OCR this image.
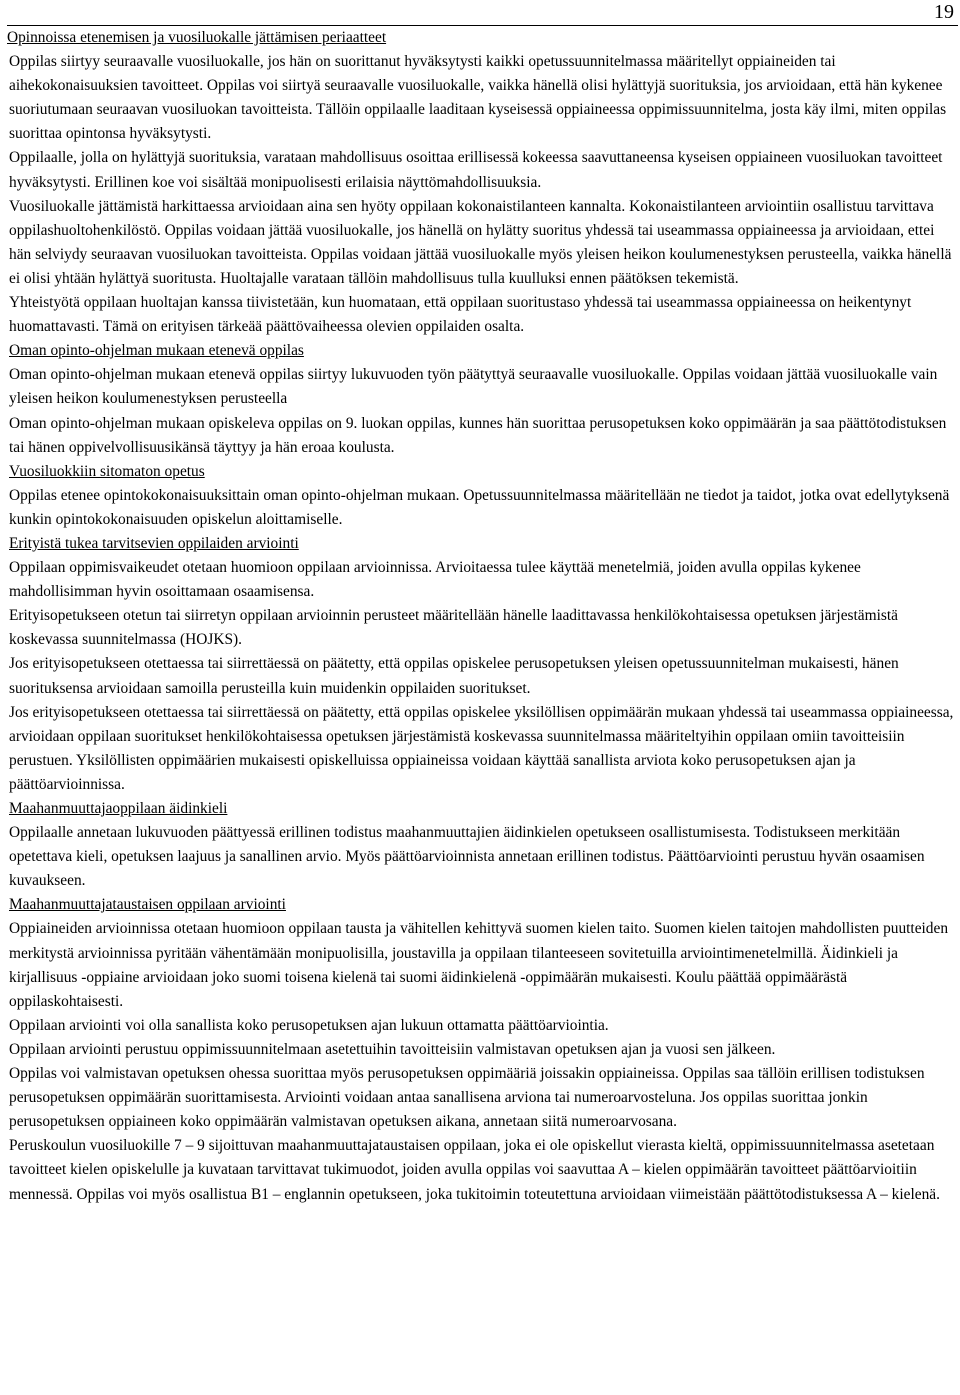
19

Opinnoissa etenemisen ja vuosiluokalle jättämisen periaatteet

Oppilas siirtyy seuraavalle vuosiluokalle, jos hän on suorittanut hyväksytysti kaikki opetussuunnitelmassa määritellyt oppiaineiden tai aihekokonaisuuksien tavoitteet. Oppilas voi siirtyä seuraavalle vuosiluokalle, vaikka hänellä olisi hylättyjä suorituksia, jos arvioidaan, että hän kykenee suoriutumaan seuraavan vuosiluokan tavoitteista. Tällöin oppilaalle laaditaan kyseisessä oppiaineessa oppimissuunnitelma, josta käy ilmi, miten oppilas suorittaa opintonsa hyväksytysti.

Oppilaalle, jolla on hylättyjä suorituksia, varataan mahdollisuus osoittaa erillisessä kokeessa saavuttaneensa kyseisen oppiaineen vuosiluokan tavoitteet hyväksytysti. Erillinen koe voi sisältää monipuolisesti erilaisia näyttömahdollisuuksia.

Vuosiluokalle jättämistä harkittaessa arvioidaan aina sen hyöty oppilaan kokonaistilanteen kannalta. Kokonaistilanteen arviointiin osallistuu tarvittava oppilashuoltohenkilöstö. Oppilas voidaan jättää vuosiluokalle, jos hänellä on hylätty suoritus yhdessä tai useammassa oppiaineessa ja arvioidaan, ettei hän selviydy seuraavan vuosiluokan tavoitteista. Oppilas voidaan jättää vuosiluokalle myös yleisen heikon koulumenestyksen perusteella, vaikka hänellä ei olisi yhtään hylättyä suoritusta. Huoltajalle varataan tällöin mahdollisuus tulla kuulluksi ennen päätöksen tekemistä.

Yhteistyötä oppilaan huoltajan kanssa tiivistetään, kun huomataan, että oppilaan suoritustaso yhdessä tai useammassa oppiaineessa on heikentynyt huomattavasti. Tämä on erityisen tärkeää päättövaiheessa olevien oppilaiden osalta.

Oman opinto-ohjelman mukaan etenevä oppilas

Oman opinto-ohjelman mukaan etenevä oppilas siirtyy lukuvuoden työn päätyttyä seuraavalle vuosiluokalle. Oppilas voidaan jättää vuosiluokalle vain yleisen heikon koulumenestyksen perusteella

Oman opinto-ohjelman mukaan opiskeleva oppilas on 9. luokan oppilas, kunnes hän suorittaa perusopetuksen koko oppimäärän ja saa päättötodistuksen tai hänen oppivelvollisuusikänsä täyttyy ja hän eroaa koulusta.

Vuosiluokkiin sitomaton opetus

Oppilas etenee opintokokonaisuuksittain oman opinto-ohjelman mukaan. Opetussuunnitelmassa määritellään ne tiedot ja taidot, jotka ovat edellytyksenä kunkin opintokokonaisuuden opiskelun aloittamiselle.

Erityistä tukea tarvitsevien oppilaiden arviointi

Oppilaan oppimisvaikeudet otetaan huomioon oppilaan arvioinnissa. Arvioitaessa tulee käyttää menetelmiä, joiden avulla oppilas kykenee mahdollisimman hyvin osoittamaan osaamisensa.

Erityisopetukseen otetun tai siirretyn oppilaan arvioinnin perusteet määritellään hänelle laadittavassa henkilökohtaisessa opetuksen järjestämistä koskevassa suunnitelmassa (HOJKS).

Jos erityisopetukseen otettaessa tai siirrettäessä on päätetty, että oppilas opiskelee perusopetuksen yleisen opetussuunnitelman mukaisesti, hänen suorituksensa arvioidaan samoilla perusteilla kuin muidenkin oppilaiden suoritukset.

Jos erityisopetukseen otettaessa tai siirrettäessä on päätetty, että oppilas opiskelee yksilöllisen oppimäärän mukaan yhdessä tai useammassa oppiaineessa, arvioidaan oppilaan suoritukset henkilökohtaisessa opetuksen järjestämistä koskevassa suunnitelmassa määriteltyihin oppilaan omiin tavoitteisiin perustuen. Yksilöllisten oppimäärien mukaisesti opiskelluissa oppiaineissa voidaan käyttää sanallista arviota koko perusopetuksen ajan ja päättöarvioinnissa.

Maahanmuuttajaoppilaan äidinkieli

Oppilaalle annetaan lukuvuoden päättyessä erillinen todistus maahanmuuttajien äidinkielen opetukseen osallistumisesta. Todistukseen merkitään opetettava kieli, opetuksen laajuus ja sanallinen arvio. Myös päättöarvioinnista annetaan erillinen todistus. Päättöarviointi perustuu hyvän osaamisen kuvaukseen.

Maahanmuuttajataustaisen oppilaan arviointi

Oppiaineiden arvioinnissa otetaan huomioon oppilaan tausta ja vähitellen kehittyvä suomen kielen taito. Suomen kielen taitojen mahdollisten puutteiden merkitystä arvioinnissa pyritään vähentämään monipuolisilla, joustavilla ja oppilaan tilanteeseen sovitetuilla arviointimenetelmillä. Äidinkieli ja kirjallisuus -oppiaine arvioidaan joko suomi toisena kielenä tai suomi äidinkielenä -oppimäärän mukaisesti. Koulu päättää oppimäärästä oppilaskohtaisesti.

Oppilaan arviointi voi olla sanallista koko perusopetuksen ajan lukuun ottamatta päättöarviointia.

Oppilaan arviointi perustuu oppimissuunnitelmaan asetettuihin tavoitteisiin valmistavan opetuksen ajan ja vuosi sen jälkeen.

Oppilas voi valmistavan opetuksen ohessa suorittaa myös perusopetuksen oppimääriä joissakin oppiaineissa. Oppilas saa tällöin erillisen todistuksen perusopetuksen oppimäärän suorittamisesta. Arviointi voidaan antaa sanallisena arviona tai numeroarvosteluna. Jos oppilas suorittaa jonkin perusopetuksen oppiaineen koko oppimäärän valmistavan opetuksen aikana, annetaan siitä numeroarvosana.

Peruskoulun vuosiluokille 7 – 9 sijoittuvan maahanmuuttajataustaisen oppilaan, joka ei ole opiskellut vierasta kieltä, oppimissuunnitelmassa asetetaan tavoitteet kielen opiskelulle ja kuvataan tarvittavat tukimuodot, joiden avulla oppilas voi saavuttaa A – kielen oppimäärän tavoitteet päättöarvioitiin mennessä. Oppilas voi myös osallistua B1 – englannin opetukseen, joka tukitoimin toteutettuna arvioidaan viimeistään päättötodistuksessa A – kielenä.
